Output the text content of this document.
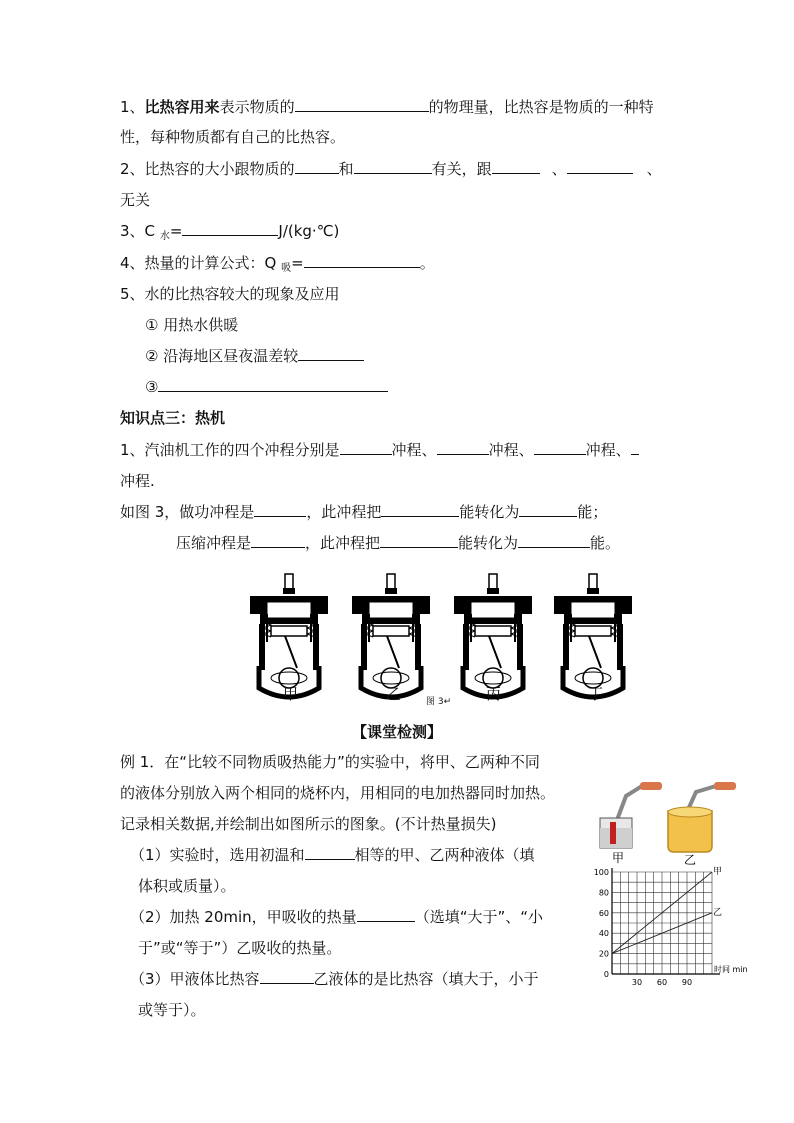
1、比热容用来表示物质的	的物理量，比热容是物质的一种特
性，每种物质都有自己的比热容。
2、比热容的大小跟物质的	和	有关，跟	、	、
无关
3、C $_水$=	J/(kg·℃)
4、热量的计算公式：Q $_吸$=	。
5、水的比热容较大的现象及应用
① 用热水供暖
② 沿海地区昼夜温差较
③
知识点三：热机
1、汽油机工作的四个冲程分别是	冲程、	冲程、	冲程、
冲程.
如图 3，做功冲程是	，此冲程把	能转化为	能；
压缩冲程是	，此冲程把	能转化为	能。
甲	乙	丙	丁
图 3↵
【课堂检测】
例 1．在“比较不同物质吸热能力”的实验中，将甲、乙两种不同
的液体分别放入两个相同的烧杯内，用相同的电加热器同时加热。
记录相关数据,并绘制出如图所示的图象。(不计热量损失)
（1）实验时，选用初温和	相等的甲、乙两种液体（填
体积或质量）。
（2）加热 20min，甲吸收的热量	（选填“大于”、“小
于”或“等于”）乙吸收的热量。
（3）甲液体比热容	乙液体的是比热容（填大于，小于
或等于）。
甲	乙
0
20
40
60
80
100
30 60 90
时间 min
甲
乙
